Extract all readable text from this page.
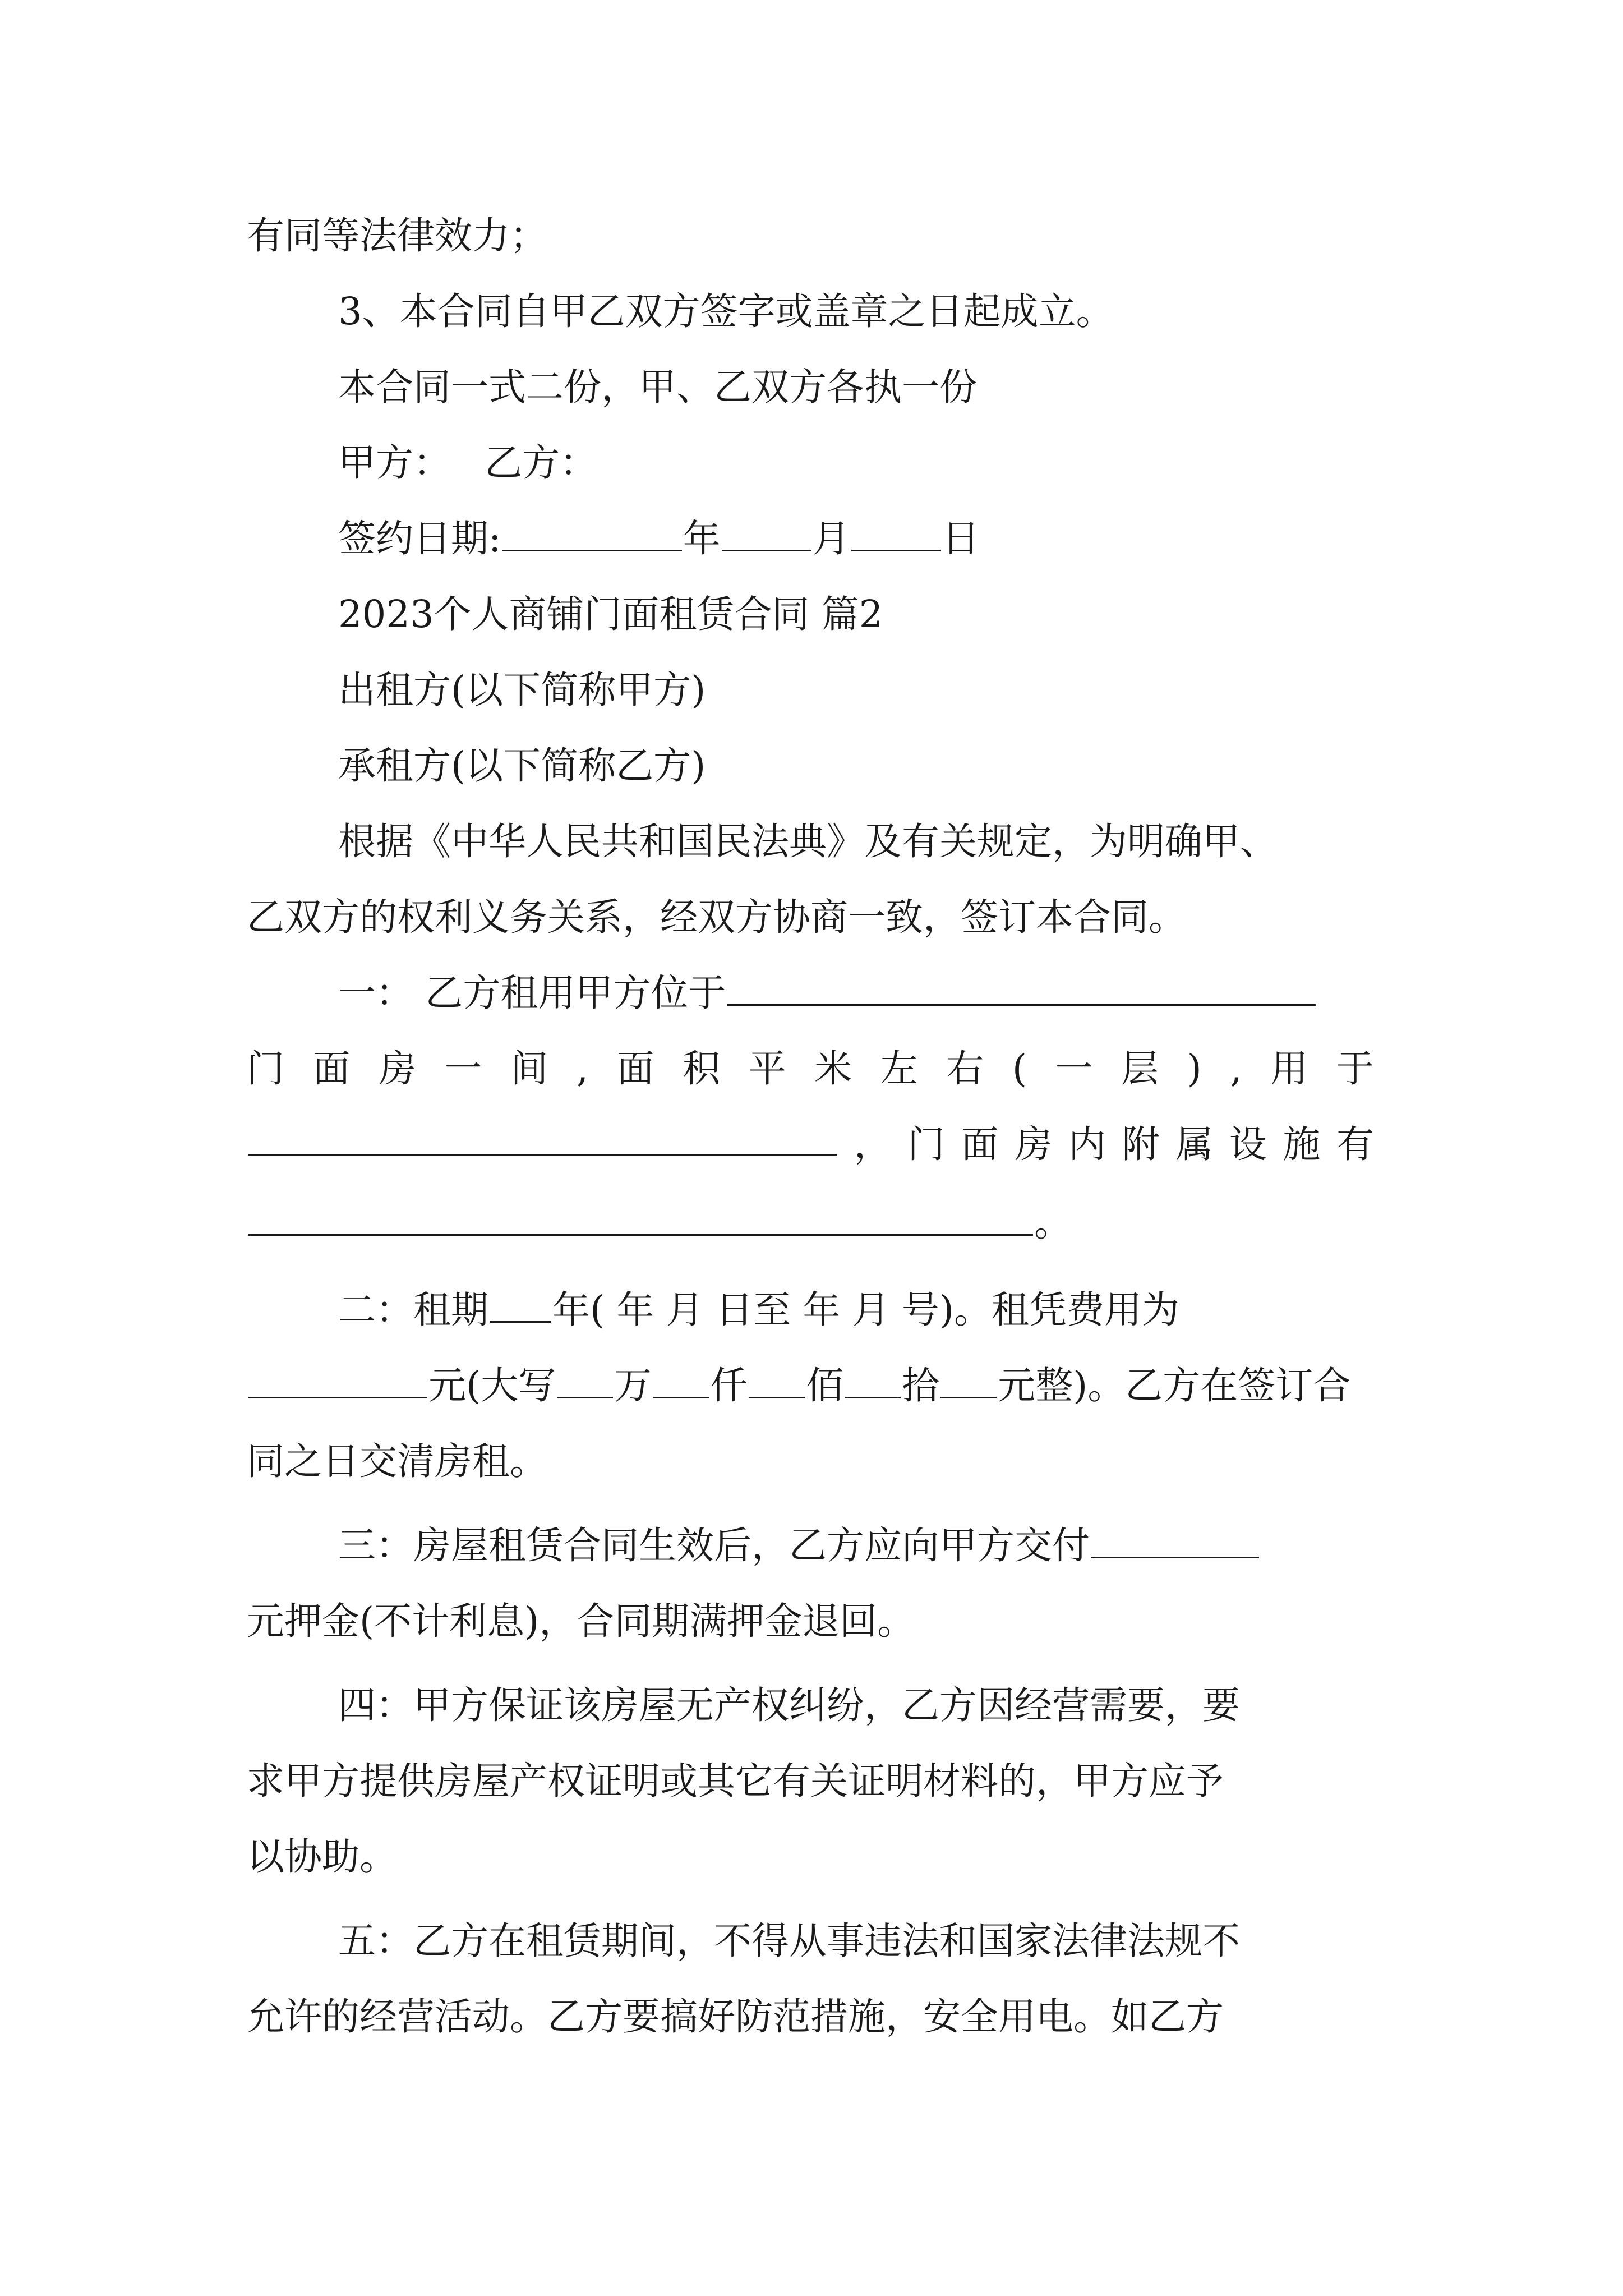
有同等法律效力；
3、本合同自甲乙双方签字或盖章之日起成立。
本合同一式二份，甲、乙双方各执一份
甲方： 乙方：
签约日期:	年 月 日
2023个人商铺门面租赁合同 篇2
出租方(以下简称甲方)
承租方(以下简称乙方)
根据《中华人民共和国民法典》及有关规定，为明确甲、
乙双方的权利义务关系，经双方协商一致，签订本合同。
一： 乙方租用甲方位于
门 面 房 一 间 , 面 积 平 米 左 右 ( 一 层 ) , 用 于
， 门 面 房 内 附 属 设 施 有
。
二：租期 年( 年 月 日至 年 月 号)。租凭费用为
元(大写 万 仟 佰 拾 元整)。乙方在签订合
同之日交清房租。
三：房屋租赁合同生效后，乙方应向甲方交付
元押金(不计利息)，合同期满押金退回。
四：甲方保证该房屋无产权纠纷，乙方因经营需要，要
求甲方提供房屋产权证明或其它有关证明材料的，甲方应予
以协助。
五：乙方在租赁期间，不得从事违法和国家法律法规不
允许的经营活动。乙方要搞好防范措施，安全用电。如乙方
